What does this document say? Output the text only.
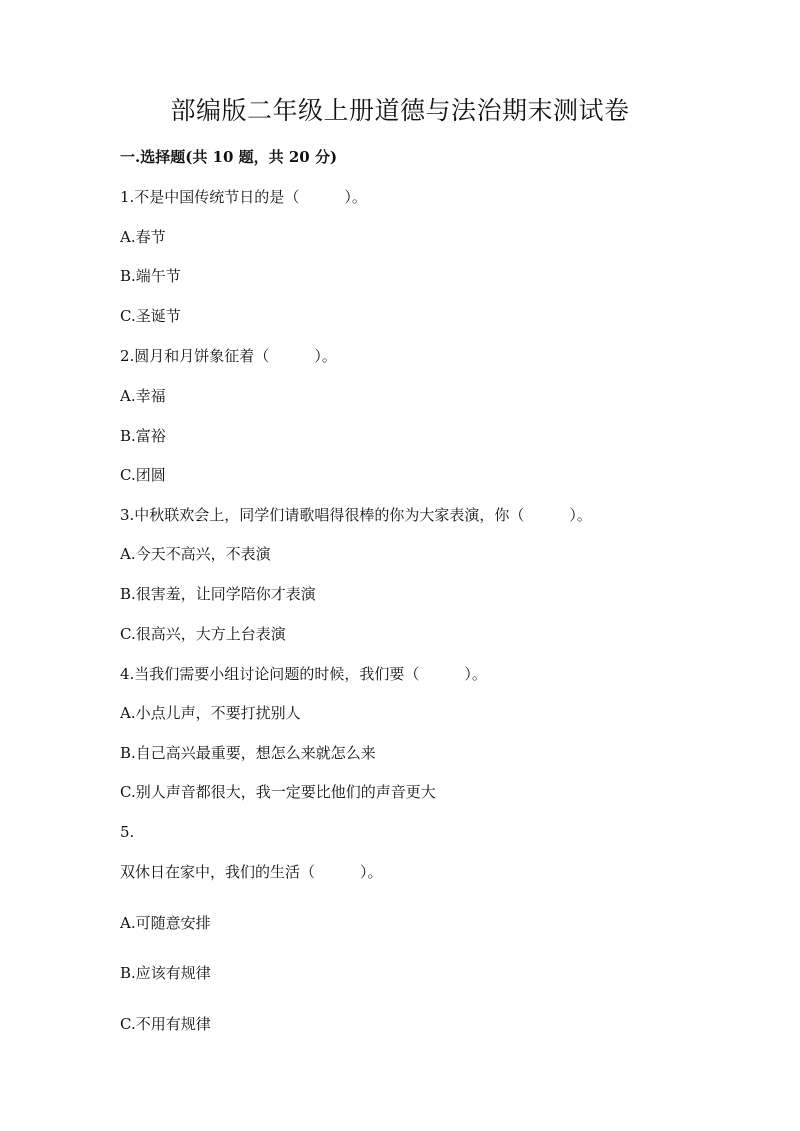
部编版二年级上册道德与法治期末测试卷
一.选择题(共 10 题，共 20 分)
1.不是中国传统节日的是（　　　）。
A.春节
B.端午节
C.圣诞节
2.圆月和月饼象征着（　　　）。
A.幸福
B.富裕
C.团圆
3.中秋联欢会上，同学们请歌唱得很棒的你为大家表演，你（　　　）。
A.今天不高兴，不表演
B.很害羞，让同学陪你才表演
C.很高兴，大方上台表演
4.当我们需要小组讨论问题的时候，我们要（　　　）。
A.小点儿声，不要打扰别人
B.自己高兴最重要，想怎么来就怎么来
C.别人声音都很大，我一定要比他们的声音更大
5.
双休日在家中，我们的生活（　　　）。
A.可随意安排
B.应该有规律
C.不用有规律
